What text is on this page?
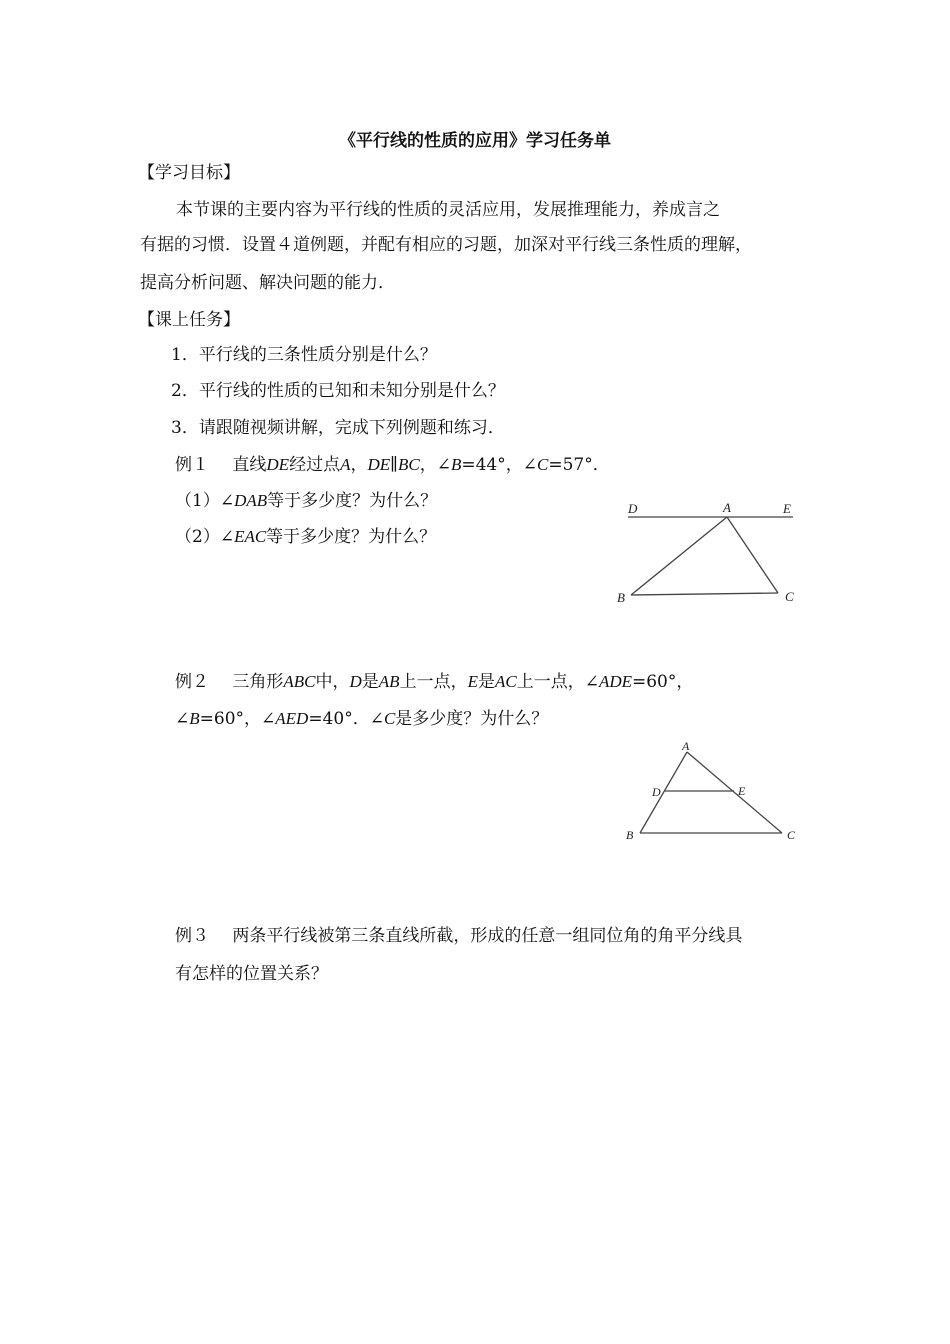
《平行线的性质的应用》学习任务单
【学习目标】
本节课的主要内容为平行线的性质的灵活应用，发展推理能力，养成言之
有据的习惯．设置４道例题，并配有相应的习题，加深对平行线三条性质的理解，
提高分析问题、解决问题的能力．
【课上任务】
1．平行线的三条性质分别是什么？
2．平行线的性质的已知和未知分别是什么？
3．请跟随视频讲解，完成下列例题和练习．
例１ 直线DE经过点A，DE∥BC，∠B=44°，∠C=57°．
（1）∠DAB等于多少度？为什么？
（2）∠EAC等于多少度？为什么？
D	A	E
B	C
例２ 三角形ABC中，D是AB上一点，E是AC上一点，∠ADE=60°，
∠B=60°，∠AED=40°．∠C是多少度？为什么？
A
D	E
B	C
例３ 两条平行线被第三条直线所截，形成的任意一组同位角的角平分线具
有怎样的位置关系？
